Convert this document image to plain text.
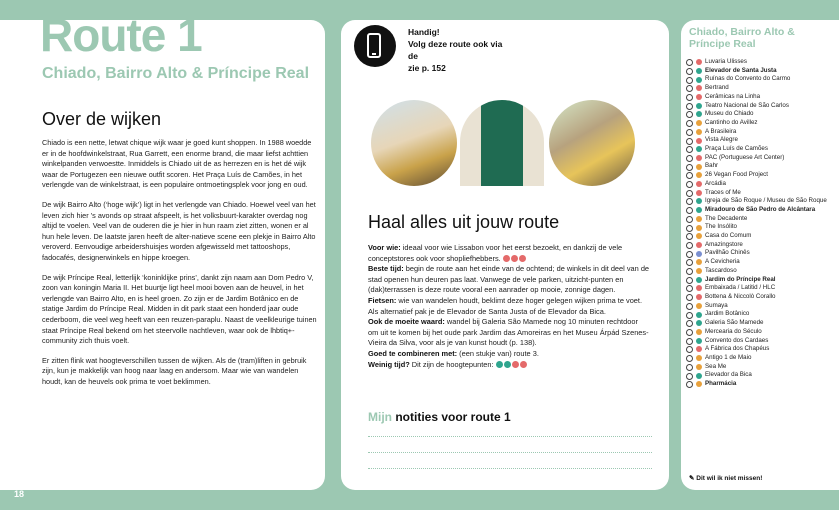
Route 1
Chiado, Bairro Alto & Príncipe Real
Over de wijken

Chiado is een nette, letwat chique wijk waar je goed kunt shoppen. In 1988 woedde er in de hoofdwinkelstraat, Rua Garrett, een enorme brand, die maar liefst achttien winkelpanden verwoestte. Inmiddels is Chiado uit de as herrezen en is het dé wijk waar de Portugezen een nieuwe outfit scoren. Het Praça Luís de Camões, in het verlengde van de winkelstraat, is een populaire ontmoetingsplek voor jong en oud.

De wijk Bairro Alto (‘hoge wijk’) ligt in het verlengde van Chiado. Hoewel veel van het leven zich hier ’s avonds op straat afspeelt, is het volksbuurt-karakter overdag nog altijd te voelen. Veel van de ouderen die je hier in hun raam ziet zitten, wonen er al hun hele leven. De laatste jaren heeft de alter-natieve scene een plekje in Bairro Alto veroverd. Eenvoudige arbeidershuisjes worden afgewisseld met tattooshops, fadocafés, designerwinkels en hippe kroegen.

De wijk Príncipe Real, letterlijk ‘koninklijke prins’, dankt zijn naam aan Dom Pedro V, zoon van koningin Maria II. Het buurtje ligt heel mooi boven aan de heuvel, in het verlengde van Bairro Alto, en is heel groen. Zo zijn er de Jardim Botânico en de statige Jardim do Príncipe Real. Midden in dit park staat een honderd jaar oude cederboom, die veel weg heeft van een reuzen-paraplu. Naast de veelkleurige tuinen staat Príncipe Real bekend om het steervolle nachtleven, waar ook de lhbtiq+-community zich thuis voelt.

Er zitten flink wat hoogteverschillen tussen de wijken. Als de (tram)liften in gebruik zijn, kun je makkelijk van hoog naar laag en andersom. Maar wie van wandelen houdt, kan de heuvels ook prima te voet beklimmen.

18
Handig!
Volg deze route ook via
de Time to Momo-app
zie p. 152
Haal alles uit jouw route
Voor wie: ideaal voor wie Lissabon voor het eerst bezoekt, en dankzij de vele conceptstores ook voor shopliefhebbers.
Beste tijd: begin de route aan het einde van de ochtend; de winkels in dit deel van de stad openen hun deuren pas laat. Vanwege de vele parken, uitzicht-punten en (dak)terrassen is deze route vooral een aanrader op mooie, zonnige dagen.
Fietsen: wie van wandelen houdt, beklimt deze hoger gelegen wijken prima te voet. Als alternatief pak je de Elevador de Santa Justa of de Elevador da Bica.
Ook de moeite waard: wandel bij Galeria São Mamede nog 10 minuten rechtdoor om uit te komen bij het oude park Jardim das Amoreiras en het Museu Árpád Szenes-Vieira da Silva, voor als je van kunst houdt (p. 138).
Goed te combineren met: (een stukje van) route 3.
Weinig tijd? Dit zijn de hoogtepunten:
Mijn notities voor route 1
Chiado, Bairro Alto & Príncipe Real
Luvaria Ulisses
Elevador de Santa Justa
Ruínas do Convento do Carmo
Bertrand
Cerâmicas na Linha
Teatro Nacional de São Carlos
Museu do Chiado
Cantinho do Avillez
A Brasileira
Vista Alegre
Praça Luís de Camões
PAC (Portuguese Art Center)
Bahr
26 Vegan Food Project
Arcádia
Traces of Me
Igreja de São Roque / Museu de São Roque
Miradouro de São Pedro de Alcântara
The Decadente
The Insólito
Casa do Comum
Amazingstore
Pavilhão Chinês
A Cevicheria
Tascardoso
Jardim do Príncipe Real
Embaixada / Latitid / HLC
Bottena & Niccolò Corallo
Sumaya
Jardim Botânico
Galeria São Mamede
Mercearia do Século
Convento dos Cardaes
A Fábrica dos Chapéus
Antigo 1 de Maio
Sea Me
Elevador da Bica
Pharmácia
✎ Dit wil ik niet missen!
